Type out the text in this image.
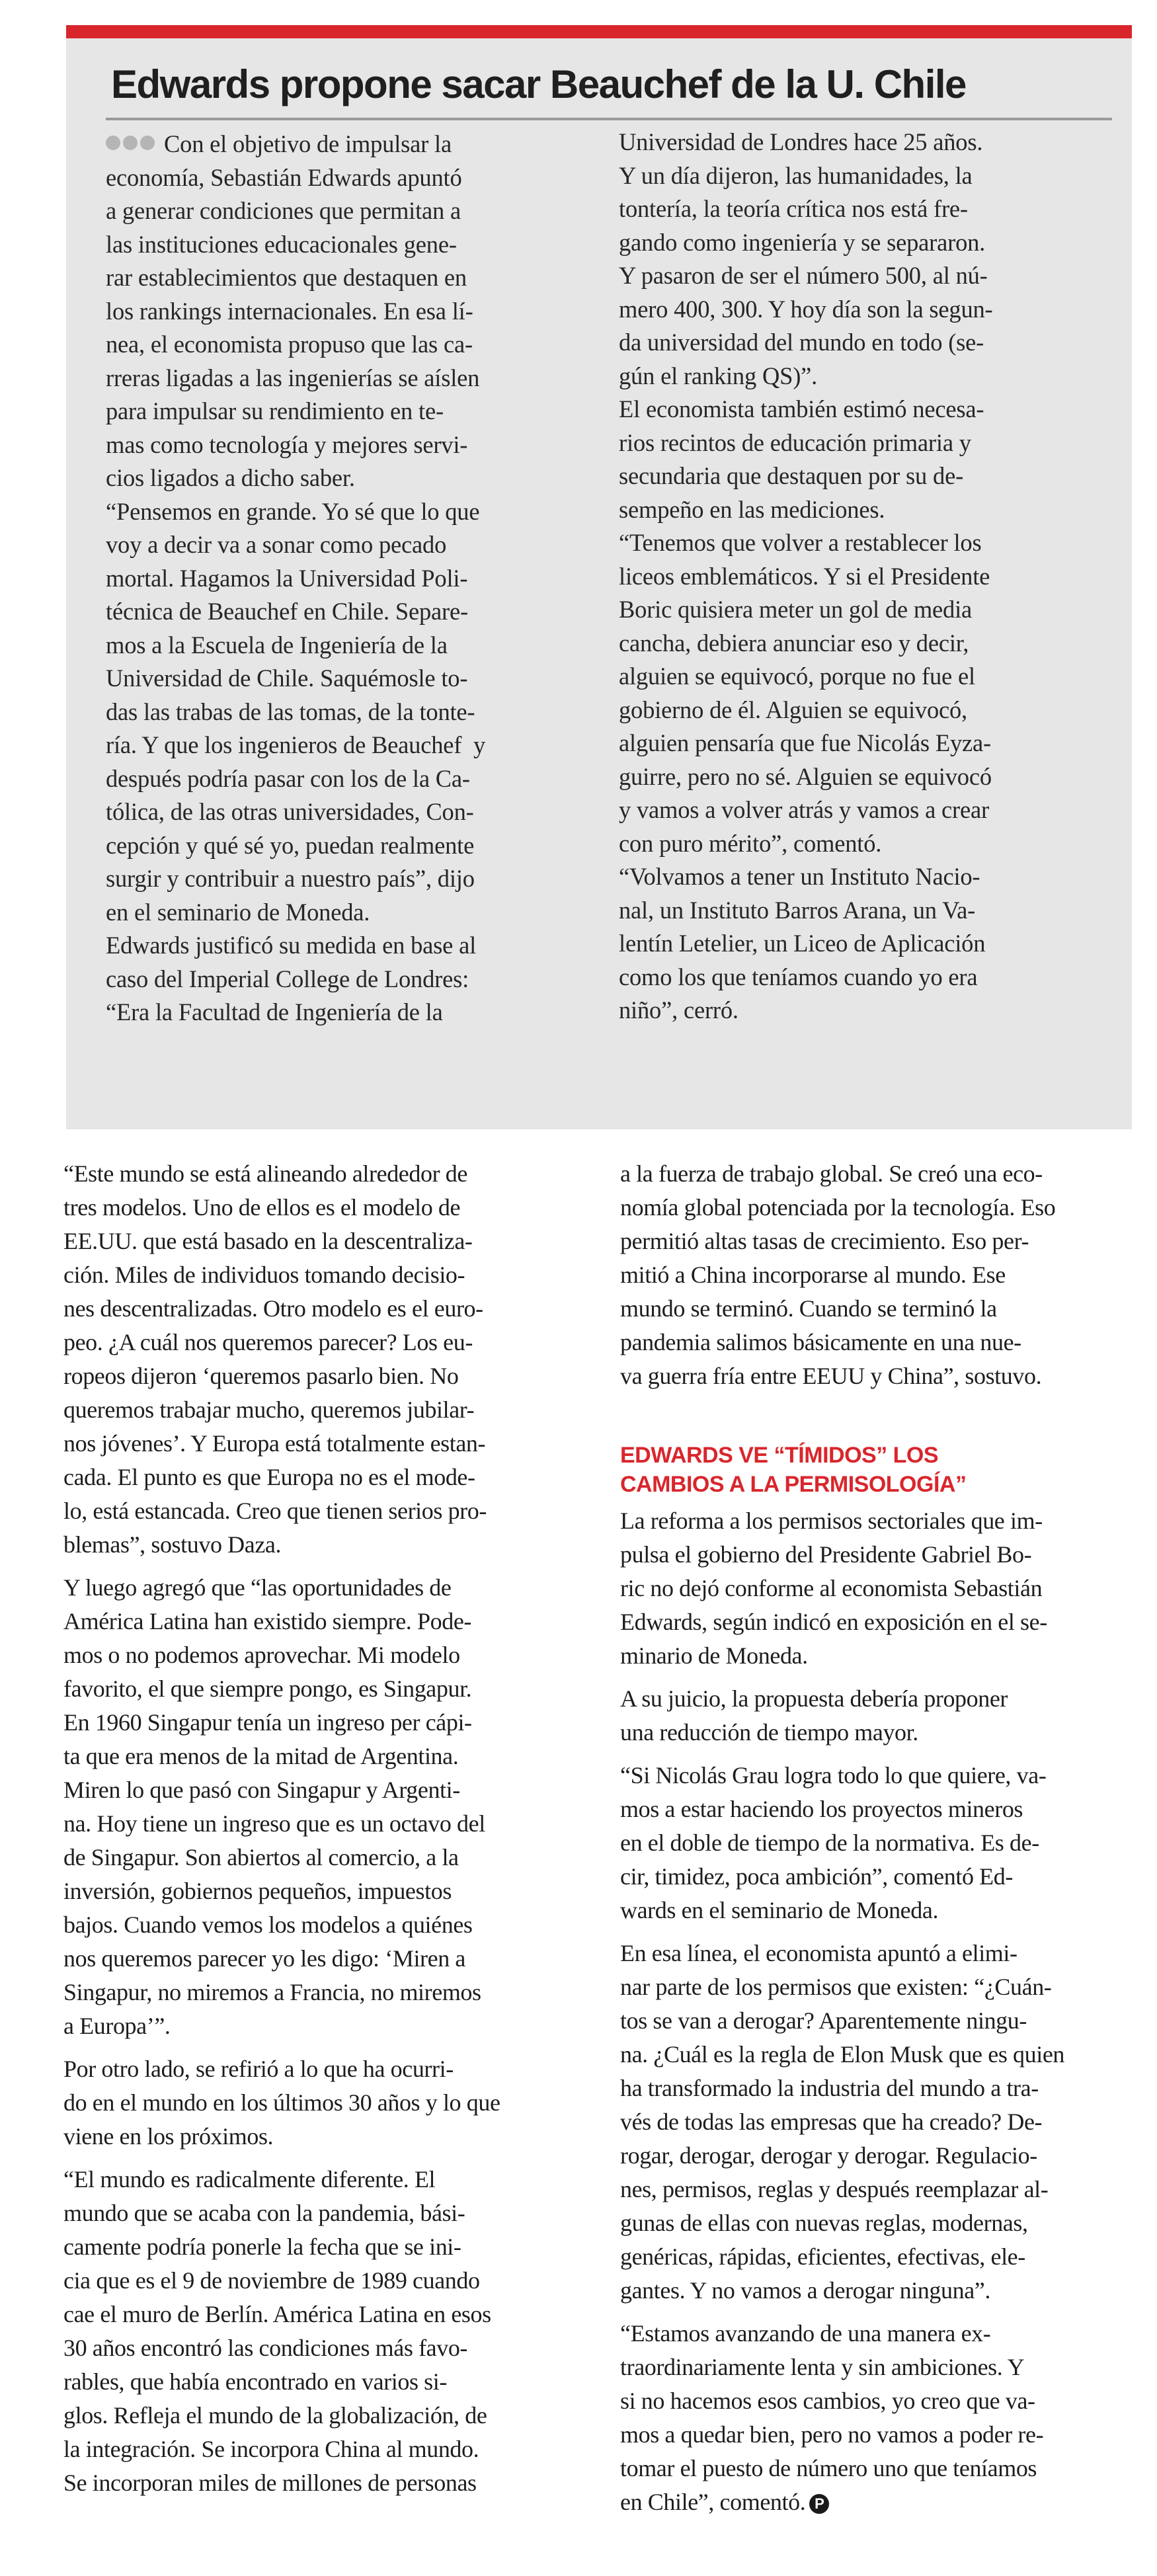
Edwards propone sacar Beauchef de la U. Chile

Con el objetivo de impulsar la
economía, Sebastián Edwards apuntó
a generar condiciones que permitan a
las instituciones educacionales gene-
rar establecimientos que destaquen en
los rankings internacionales. En esa lí-
nea, el economista propuso que las ca-
rreras ligadas a las ingenierías se aíslen
para impulsar su rendimiento en te-
mas como tecnología y mejores servi-
cios ligados a dicho saber.

“Pensemos en grande. Yo sé que lo que
voy a decir va a sonar como pecado
mortal. Hagamos la Universidad Poli-
técnica de Beauchef en Chile. Separe-
mos a la Escuela de Ingeniería de la
Universidad de Chile. Saquémosle to-
das las trabas de las tomas, de la tonte-
ría. Y que los ingenieros de Beauchef  y
después podría pasar con los de la Ca-
tólica, de las otras universidades, Con-
cepción y qué sé yo, puedan realmente
surgir y contribuir a nuestro país”, dijo
en el seminario de Moneda.

Edwards justificó su medida en base al
caso del Imperial College de Londres:
“Era la Facultad de Ingeniería de la

Universidad de Londres hace 25 años.
Y un día dijeron, las humanidades, la
tontería, la teoría crítica nos está fre-
gando como ingeniería y se separaron.
Y pasaron de ser el número 500, al nú-
mero 400, 300. Y hoy día son la segun-
da universidad del mundo en todo (se-
gún el ranking QS)”.

El economista también estimó necesa-
rios recintos de educación primaria y
secundaria que destaquen por su de-
sempeño en las mediciones.

“Tenemos que volver a restablecer los
liceos emblemáticos. Y si el Presidente
Boric quisiera meter un gol de media
cancha, debiera anunciar eso y decir,
alguien se equivocó, porque no fue el
gobierno de él. Alguien se equivocó,
alguien pensaría que fue Nicolás Eyza-
guirre, pero no sé. Alguien se equivocó
y vamos a volver atrás y vamos a crear
con puro mérito”, comentó.

“Volvamos a tener un Instituto Nacio-
nal, un Instituto Barros Arana, un Va-
lentín Letelier, un Liceo de Aplicación
como los que teníamos cuando yo era
niño”, cerró.

“Este mundo se está alineando alrededor de
tres modelos. Uno de ellos es el modelo de
EE.UU. que está basado en la descentraliza-
ción. Miles de individuos tomando decisio-
nes descentralizadas. Otro modelo es el euro-
peo. ¿A cuál nos queremos parecer? Los eu-
ropeos dijeron ‘queremos pasarlo bien. No
queremos trabajar mucho, queremos jubilar-
nos jóvenes’. Y Europa está totalmente estan-
cada. El punto es que Europa no es el mode-
lo, está estancada. Creo que tienen serios pro-
blemas”, sostuvo Daza.

Y luego agregó que “las oportunidades de
América Latina han existido siempre. Pode-
mos o no podemos aprovechar. Mi modelo
favorito, el que siempre pongo, es Singapur.
En 1960 Singapur tenía un ingreso per cápi-
ta que era menos de la mitad de Argentina.
Miren lo que pasó con Singapur y Argenti-
na. Hoy tiene un ingreso que es un octavo del
de Singapur. Son abiertos al comercio, a la
inversión, gobiernos pequeños, impuestos
bajos. Cuando vemos los modelos a quiénes
nos queremos parecer yo les digo: ‘Miren a
Singapur, no miremos a Francia, no miremos
a Europa’”.

Por otro lado, se refirió a lo que ha ocurri-
do en el mundo en los últimos 30 años y lo que
viene en los próximos.

“El mundo es radicalmente diferente. El
mundo que se acaba con la pandemia, bási-
camente podría ponerle la fecha que se ini-
cia que es el 9 de noviembre de 1989 cuando
cae el muro de Berlín. América Latina en esos
30 años encontró las condiciones más favo-
rables, que había encontrado en varios si-
glos. Refleja el mundo de la globalización, de
la integración. Se incorpora China al mundo.
Se incorporan miles de millones de personas

a la fuerza de trabajo global. Se creó una eco-
nomía global potenciada por la tecnología. Eso
permitió altas tasas de crecimiento. Eso per-
mitió a China incorporarse al mundo. Ese
mundo se terminó. Cuando se terminó la
pandemia salimos básicamente en una nue-
va guerra fría entre EEUU y China”, sostuvo.

EDWARDS VE “TÍMIDOS” LOS
CAMBIOS A LA PERMISOLOGÍA”

La reforma a los permisos sectoriales que im-
pulsa el gobierno del Presidente Gabriel Bo-
ric no dejó conforme al economista Sebastián
Edwards, según indicó en exposición en el se-
minario de Moneda.

A su juicio, la propuesta debería proponer
una reducción de tiempo mayor.

“Si Nicolás Grau logra todo lo que quiere, va-
mos a estar haciendo los proyectos mineros
en el doble de tiempo de la normativa. Es de-
cir, timidez, poca ambición”, comentó Ed-
wards en el seminario de Moneda.

En esa línea, el economista apuntó a elimi-
nar parte de los permisos que existen: “¿Cuán-
tos se van a derogar? Aparentemente ningu-
na. ¿Cuál es la regla de Elon Musk que es quien
ha transformado la industria del mundo a tra-
vés de todas las empresas que ha creado? De-
rogar, derogar, derogar y derogar. Regulacio-
nes, permisos, reglas y después reemplazar al-
gunas de ellas con nuevas reglas, modernas,
genéricas, rápidas, eficientes, efectivas, ele-
gantes. Y no vamos a derogar ninguna”.

“Estamos avanzando de una manera ex-
traordinariamente lenta y sin ambiciones. Y
si no hacemos esos cambios, yo creo que va-
mos a quedar bien, pero no vamos a poder re-
tomar el puesto de número uno que teníamos
en Chile”, comentó. P
